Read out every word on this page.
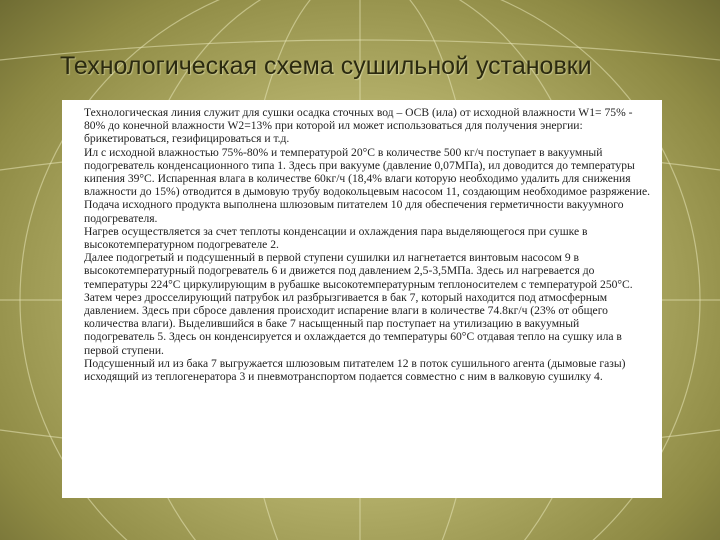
Технологическая схема сушильной установки

Технологическая линия служит для сушки осадка сточных вод – ОСВ (ила) от исходной влажности W1= 75% - 80% до конечной влажности W2=13% при которой ил может использоваться для получения энергии: брикетироваться, гезифицироваться и т.д.

Ил с исходной влажностью 75%-80% и температурой 20°С в количестве 500 кг/ч поступает в вакуумный подогреватель конденсационного типа 1. Здесь при вакууме (давление 0,07МПа), ил доводится до температуры кипения 39°С. Испаренная влага в количестве 60кг/ч (18,4% влаги которую необходимо удалить для снижения влажности до 15%) отводится в дымовую трубу водокольцевым насосом 11, создающим необходимое разряжение. Подача исходного продукта выполнена шлюзовым питателем 10 для обеспечения герметичности вакуумного подогревателя.

Нагрев осуществляется за счет теплоты конденсации и охлаждения пара выделяющегося при сушке в высокотемпературном подогревателе 2.

Далее подогретый и подсушенный в первой ступени сушилки ил нагнетается винтовым насосом 9 в высокотемпературный подогреватель 6 и движется под давлением 2,5-3,5МПа. Здесь ил нагревается до температуры 224°С циркулирующим в рубашке высокотемпературным теплоносителем с температурой 250°С.

Затем через дросселирующий патрубок ил разбрызгивается в бак 7, который находится под атмосферным давлением. Здесь при сбросе давления происходит испарение влаги в количестве 74.8кг/ч (23% от общего количества влаги). Выделившийся в баке 7 насыщенный пар поступает на утилизацию в вакуумный подогреватель 5. Здесь он конденсируется и охлаждается до температуры 60°С отдавая тепло на сушку ила в первой ступени.

Подсушенный ил из бака 7 выгружается шлюзовым питателем 12 в поток сушильного агента (дымовые газы) исходящий из теплогенератора 3 и пневмотранспортом подается совместно с ним в валковую сушилку 4.
